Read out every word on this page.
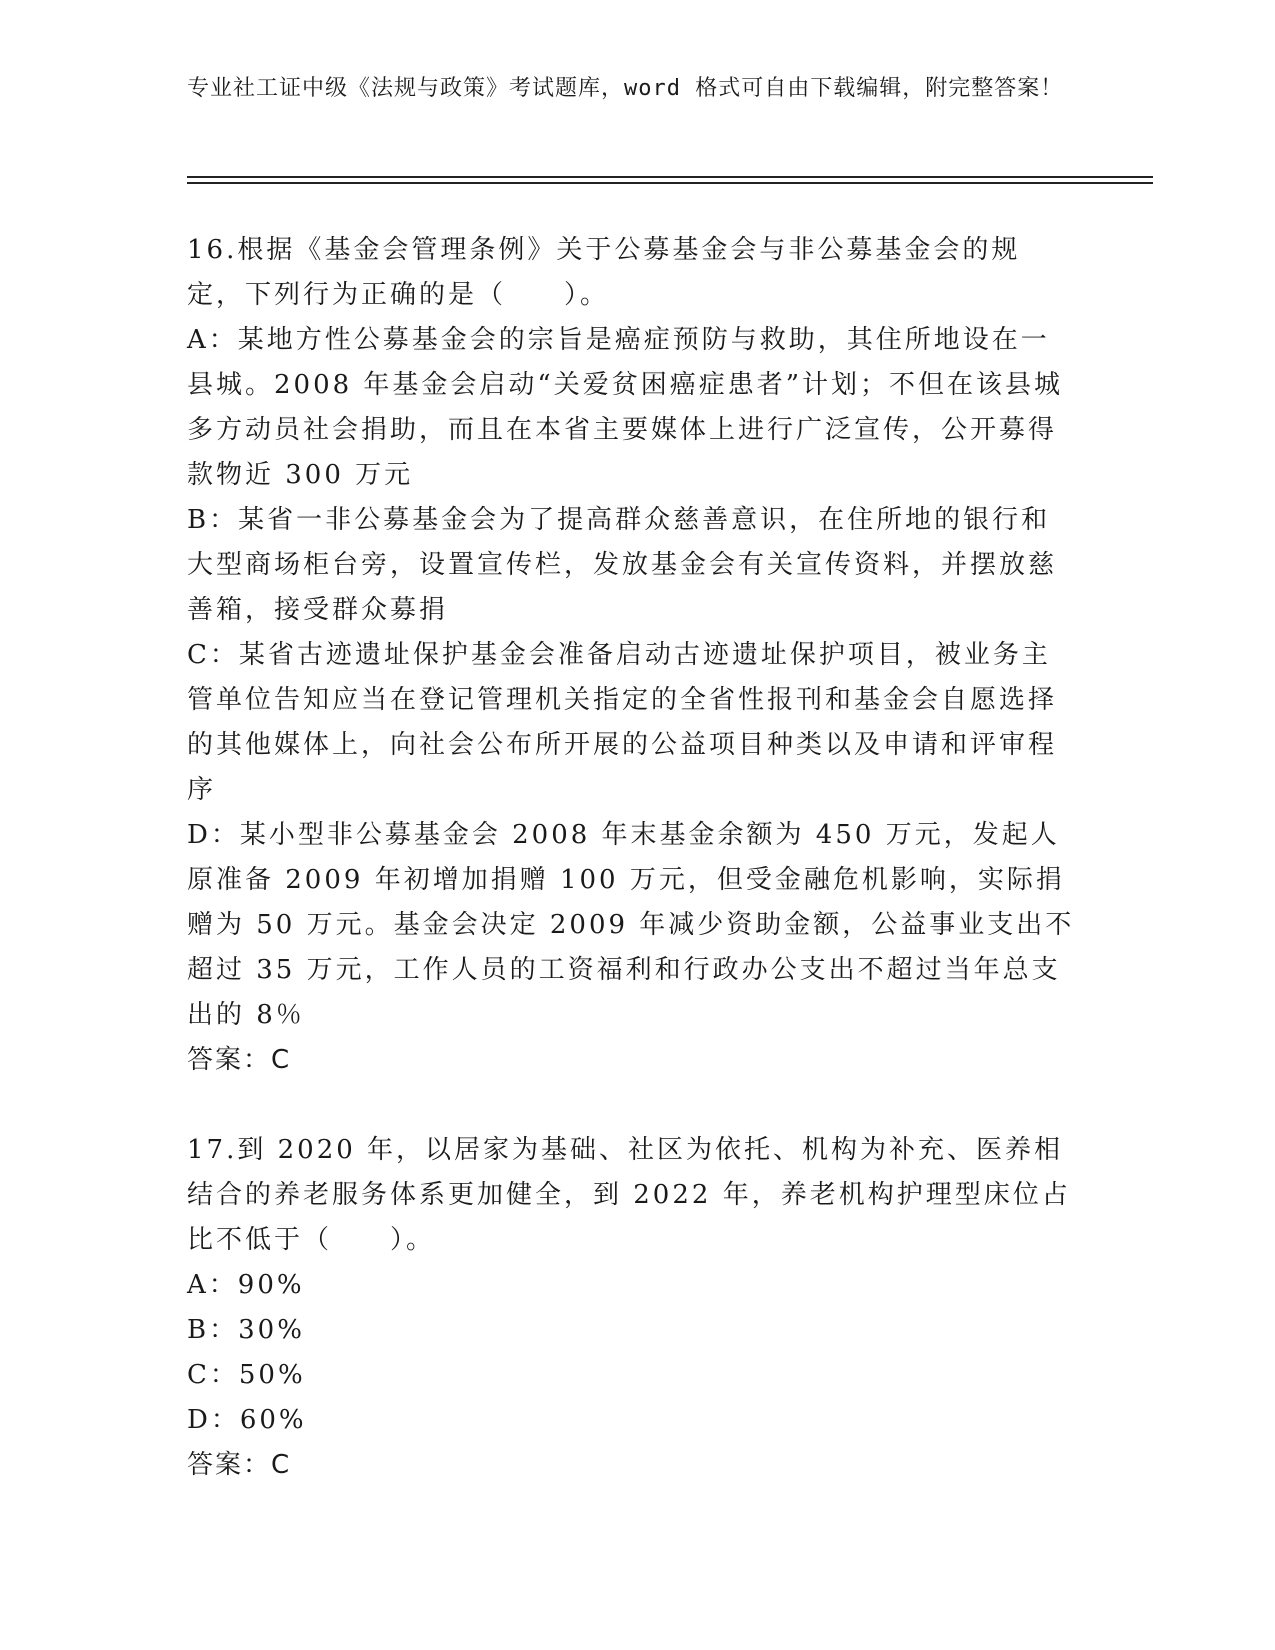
专业社工证中级《法规与政策》考试题库，word 格式可自由下载编辑，附完整答案！

16.根据《基金会管理条例》关于公募基金会与非公募基金会的规定，下列行为正确的是（　　）。

A：某地方性公募基金会的宗旨是癌症预防与救助，其住所地设在一县城。2008 年基金会启动“关爱贫困癌症患者”计划；不但在该县城多方动员社会捐助，而且在本省主要媒体上进行广泛宣传，公开募得款物近 300 万元

B：某省一非公募基金会为了提高群众慈善意识，在住所地的银行和大型商场柜台旁，设置宣传栏，发放基金会有关宣传资料，并摆放慈善箱，接受群众募捐

C：某省古迹遗址保护基金会准备启动古迹遗址保护项目，被业务主管单位告知应当在登记管理机关指定的全省性报刊和基金会自愿选择的其他媒体上，向社会公布所开展的公益项目种类以及申请和评审程序

D：某小型非公募基金会 2008 年末基金余额为 450 万元，发起人原准备 2009 年初增加捐赠 100 万元，但受金融危机影响，实际捐赠为 50 万元。基金会决定 2009 年减少资助金额，公益事业支出不超过 35 万元，工作人员的工资福利和行政办公支出不超过当年总支出的 8％

答案：C

17.到 2020 年，以居家为基础、社区为依托、机构为补充、医养相结合的养老服务体系更加健全，到 2022 年，养老机构护理型床位占比不低于（　　）。

A：90%

B：30%

C：50%

D：60%

答案：C
